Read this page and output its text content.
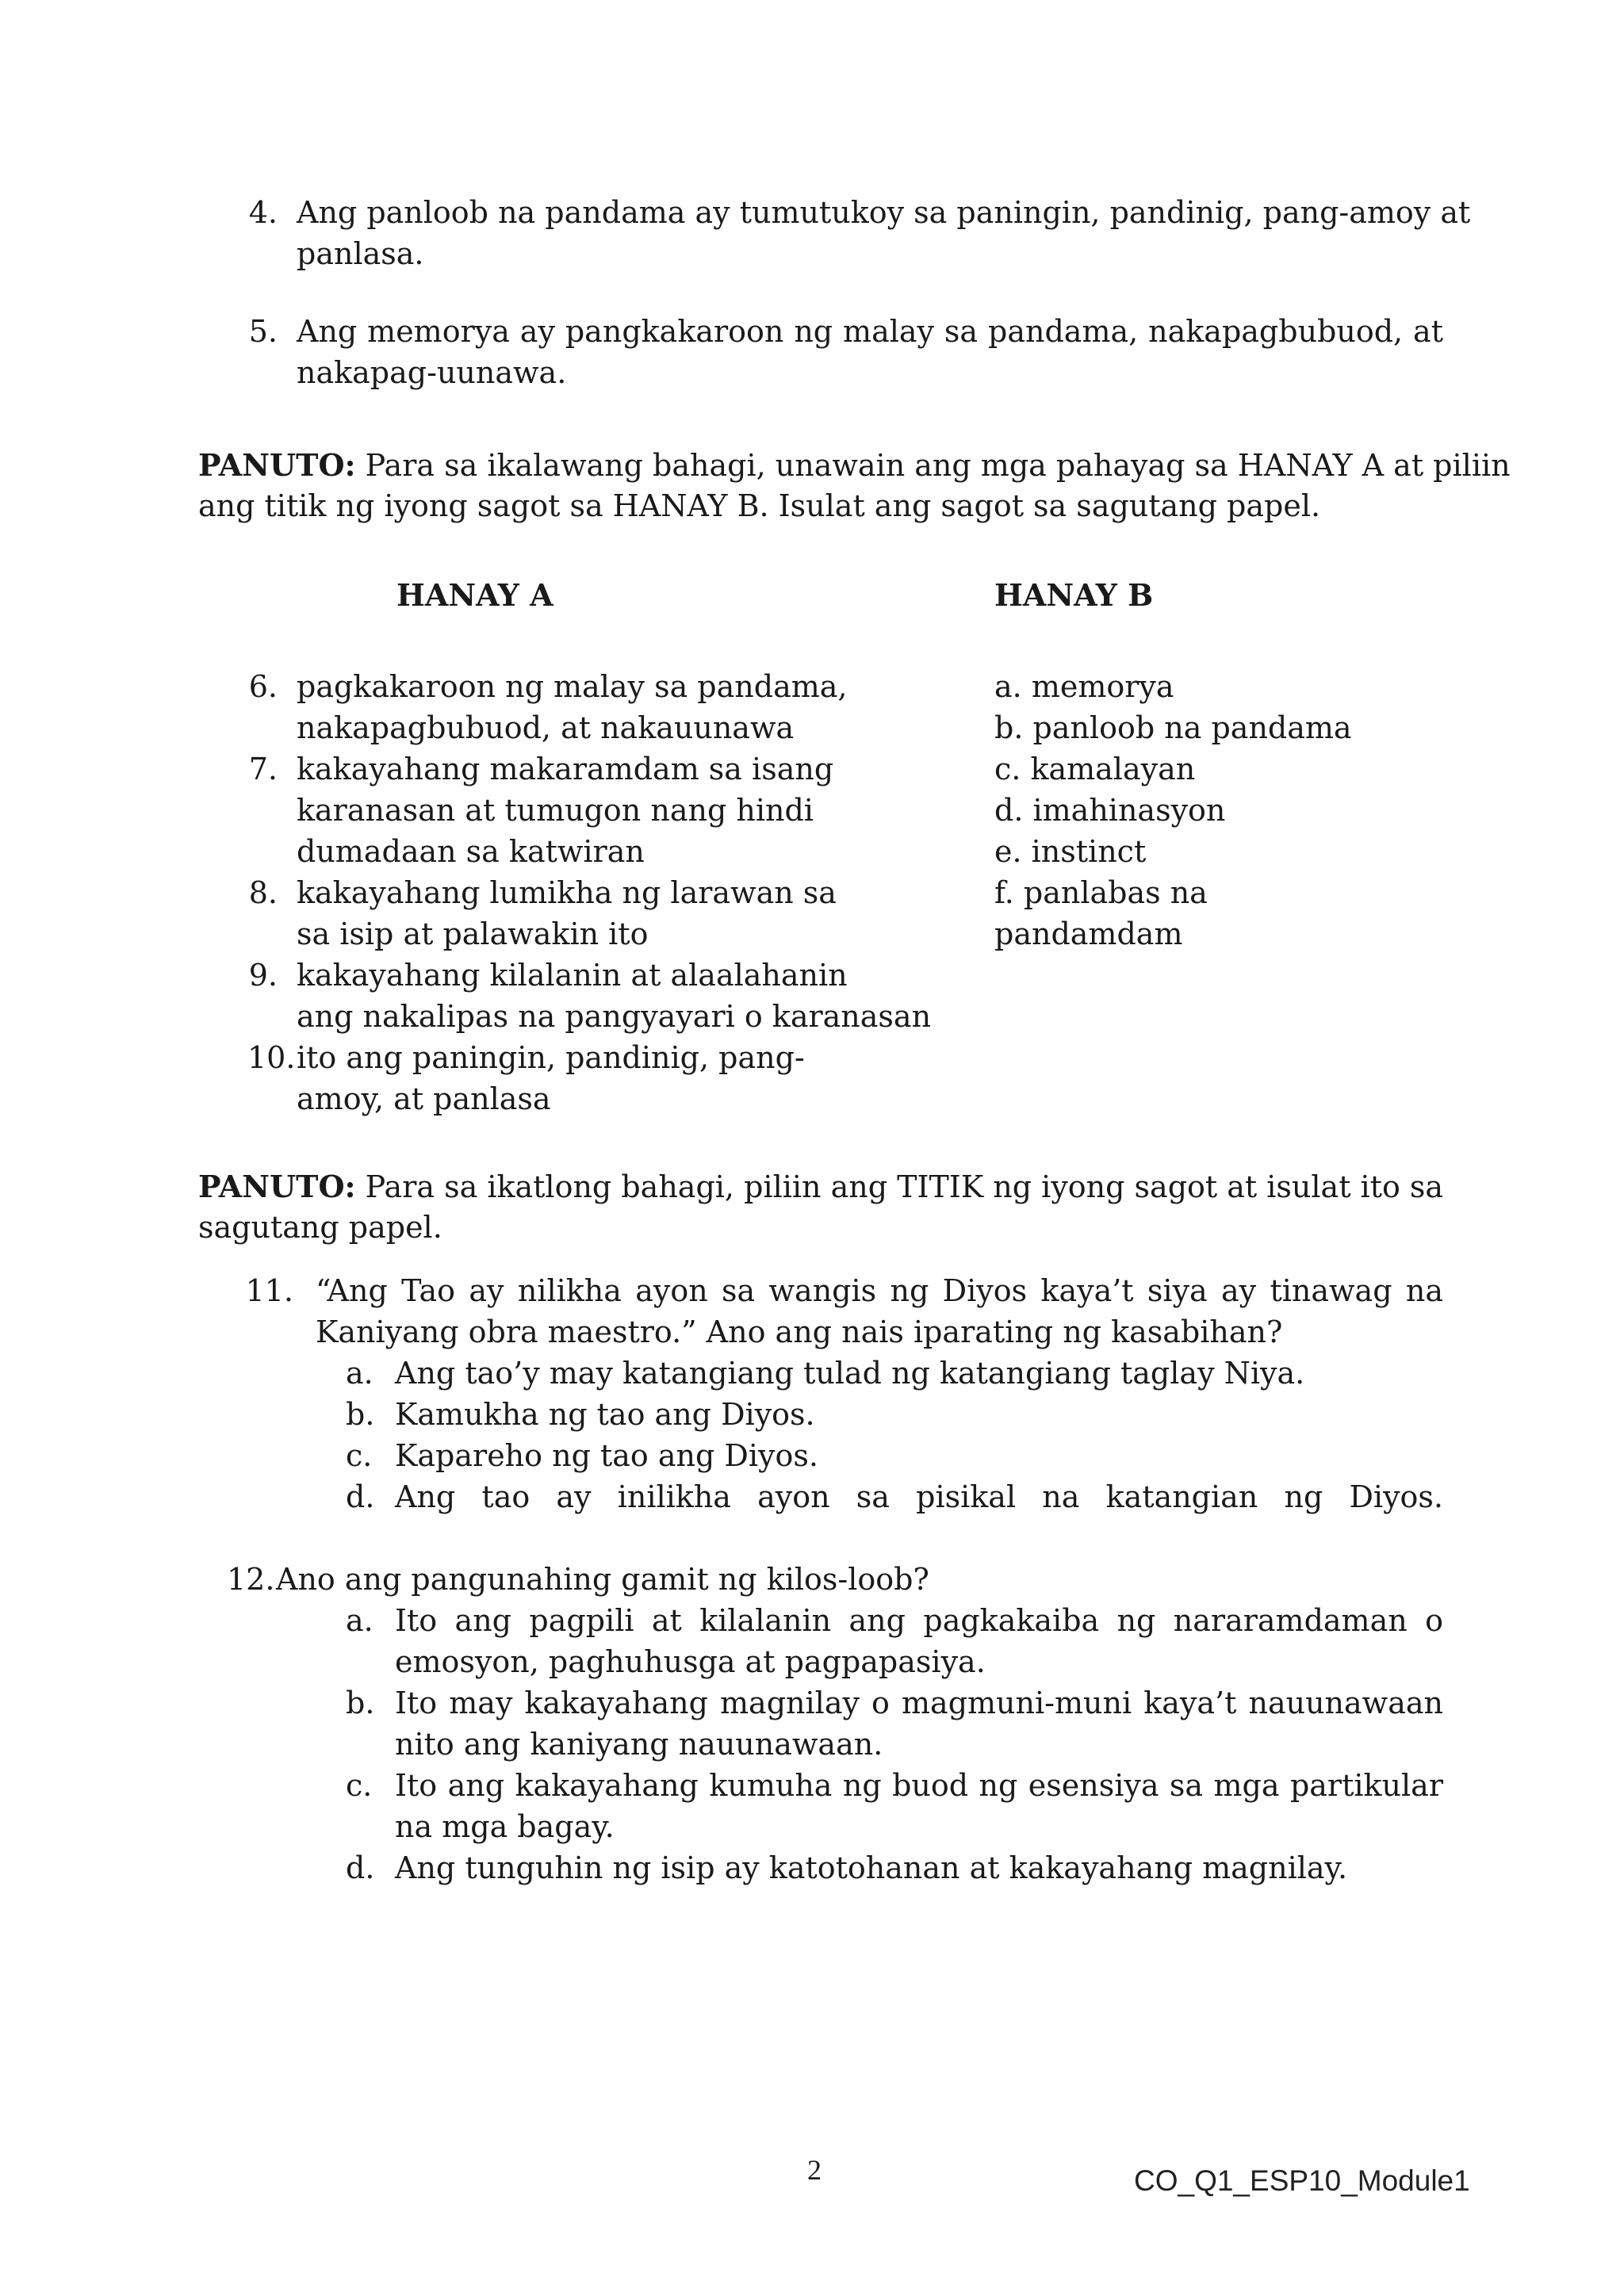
4. Ang panloob na pandama ay tumutukoy sa paningin, pandinig, pang-amoy at
panlasa.
5. Ang memorya ay pangkakaroon ng malay sa pandama, nakapagbubuod, at
nakapag-uunawa.
PANUTO: Para sa ikalawang bahagi, unawain ang mga pahayag sa HANAY A at piliin
ang titik ng iyong sagot sa HANAY B. Isulat ang sagot sa sagutang papel.
HANAY A	HANAY B
6. pagkakaroon ng malay sa pandama,
nakapagbubuod, at nakauunawa
7. kakayahang makaramdam sa isang
karanasan at tumugon nang hindi
dumadaan sa katwiran
8. kakayahang lumikha ng larawan sa
sa isip at palawakin ito
9. kakayahang kilalanin at alaalahanin
ang nakalipas na pangyayari o karanasan
10. ito ang paningin, pandinig, pang-
amoy, at panlasa
a. memorya
b. panloob na pandama
c. kamalayan
d. imahinasyon
e. instinct
f. panlabas na
pandamdam
PANUTO: Para sa ikatlong bahagi, piliin ang TITIK ng iyong sagot at isulat ito sa
sagutang papel.
11. “Ang Tao ay nilikha ayon sa wangis ng Diyos kaya’t siya ay tinawag na
Kaniyang obra maestro.” Ano ang nais iparating ng kasabihan?
a. Ang tao’y may katangiang tulad ng katangiang taglay Niya.
b. Kamukha ng tao ang Diyos.
c. Kapareho ng tao ang Diyos.
d. Ang tao ay inilikha ayon sa pisikal na katangian ng Diyos.
12. Ano ang pangunahing gamit ng kilos-loob?
a. Ito ang pagpili at kilalanin ang pagkakaiba ng nararamdaman o
emosyon, paghuhusga at pagpapasiya.
b. Ito may kakayahang magnilay o magmuni-muni kaya’t nauunawaan
nito ang kaniyang nauunawaan.
c. Ito ang kakayahang kumuha ng buod ng esensiya sa mga partikular
na mga bagay.
d. Ang tunguhin ng isip ay katotohanan at kakayahang magnilay.
2	CO_Q1_ESP10_Module1
